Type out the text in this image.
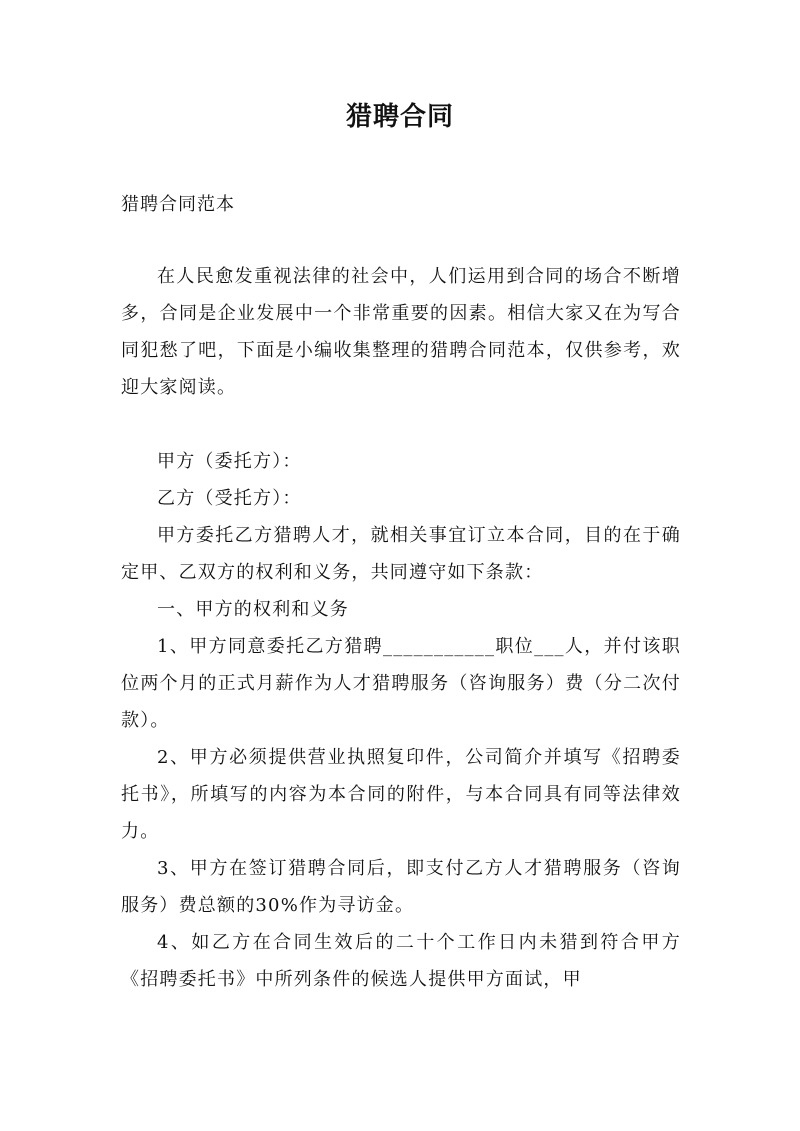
猎聘合同
猎聘合同范本

在人民愈发重视法律的社会中，人们运用到合同的场合不断增多，合同是企业发展中一个非常重要的因素。相信大家又在为写合同犯愁了吧，下面是小编收集整理的猎聘合同范本，仅供参考，欢迎大家阅读。

甲方（委托方）：

乙方（受托方）：

甲方委托乙方猎聘人才，就相关事宜订立本合同，目的在于确定甲、乙双方的权利和义务，共同遵守如下条款：

一、甲方的权利和义务

1、甲方同意委托乙方猎聘___________职位___人，并付该职位两个月的正式月薪作为人才猎聘服务（咨询服务）费（分二次付款）。

2、甲方必须提供营业执照复印件，公司简介并填写《招聘委托书》，所填写的内容为本合同的附件，与本合同具有同等法律效力。

3、甲方在签订猎聘合同后，即支付乙方人才猎聘服务（咨询服务）费总额的30%作为寻访金。

4、如乙方在合同生效后的二十个工作日内未猎到符合甲方《招聘委托书》中所列条件的候选人提供甲方面试，甲
